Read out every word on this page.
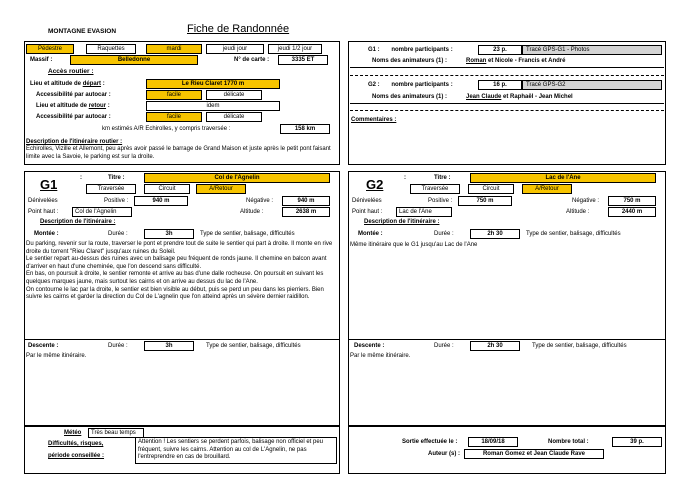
MONTAGNE EVASION	Fiche de Randonnée
Pédestre	Raquettes	mardi	jeudi jour	jeudi 1/2 jour
Massif :	Belledonne	N° de carte :	3335 ET
Accès routier :
Lieu et altitude de départ :	Le Rieu Claret 1770 m
Accessibilité par autocar :	facile	délicate
Lieu et altitude de retour :	idem
Accessibilité par autocar :	facile	délicate
km estimés A/R Echirolles, y compris traversée :	158 km
Description de l'itinéraire routier :
Echirolles, Vizille et Allemont, peu après avoir passé le barrage de Grand Maison et juste après le petit pont faisant limite avec la Savoie, le parking est sur la droite.
G1 : nombre participants :	23 p.	Tracé GPS-G1 - Photos
Noms des animateurs (1) :	Roman et Nicole - Francis et André
G2 : nombre participants :	16 p.	Tracé GPS-G2
Noms des animateurs (1) :	Jean Claude et Raphaël - Jean Michel
Commentaires :
G1	:	Titre :	Col de l'Agnelin
Traversée	Circuit	A/Retour
Dénivelées	Positive :	940 m	Négative :	940 m
Point haut :	Col de l'Agnelin	Altitude :	2638 m
Description de l'itinéraire :
Montée :	Durée :	3h	Type de sentier, balisage, difficultés
Du parking, revenir sur la route, traverser le pont et prendre tout de suite le sentier qui part à droite. Il monte en rive droite du torrent "Rieu Claret" jusqu'aux ruines du Soleil.
Le sentier repart au-dessus des ruines avec un balisage peu fréquent de ronds jaune. Il chemine en balcon avant d'arriver en haut d'une cheminée, que l'on descend sans difficulté.
En bas, on poursuit à droite, le sentier remonte et arrive au bas d'une dalle rocheuse. On poursuit en suivant les quelques marques jaune, mais surtout les cairns et on arrive au dessus du lac de l'Ane.
On contourne le lac par la droite, le sentier est bien visible au début, puis se perd un peu dans les pierriers. Bien suivre les cairns et garder la direction du Col de L'agnelin que l'on atteind après un sévère dernier raidillon.
Descente :	Durée :	3h	Type de sentier, balisage, difficultés
Par le même itinéraire.
G2	:	Titre :	Lac de l'Ane
Traversée	Circuit	A/Retour
Dénivelées	Positive :	750 m	Négative :	750 m
Point haut :	Lac de l'Ane	Altitude :	2440 m
Description de l'itinéraire :
Montée :	Durée :	2h 30	Type de sentier, balisage, difficultés
Même itinéraire que le G1 jusqu'au Lac de l'Ane
Descente :	Durée :	2h 30	Type de sentier, balisage, difficultés
Par le même itinéraire.
Météo	Très beau temps
Difficultés, risques,
période conseillée :
Attention ! Les sentiers se perdent parfois, balisage non officiel et peu fréquent, suivre les cairns. Attention au col de L'Agnelin, ne pas l'entreprendre en cas de brouillard.
Sortie effectuée le :	18/09/18	Nombre total :	39 p.
Auteur (s) :	Roman Gomez et Jean Claude Rave
